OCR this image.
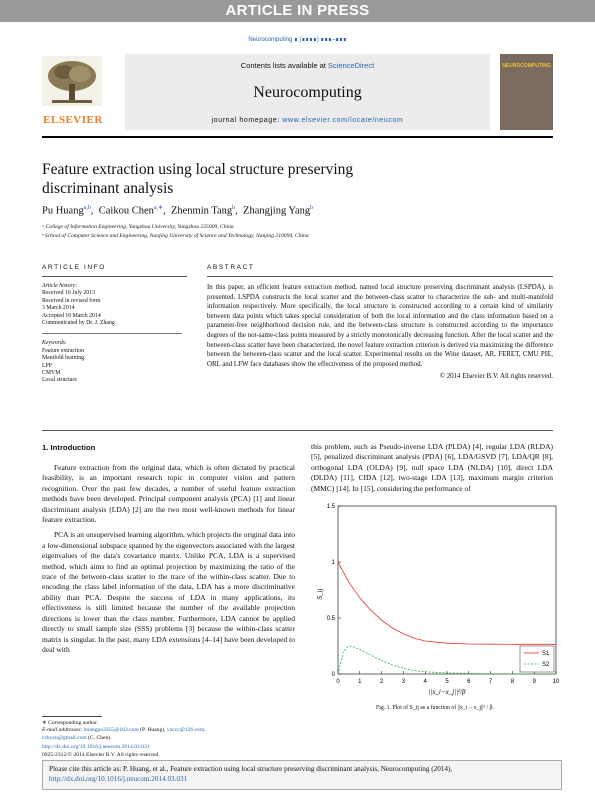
ARTICLE IN PRESS
Neurocomputing ∎ (∎∎∎∎) ∎∎∎–∎∎∎
Contents lists available at ScienceDirect
Neurocomputing
journal homepage: www.elsevier.com/locate/neucom
ELSEVIER
NEUROCOMPUTING
Feature extraction using local structure preserving
discriminant analysis
Pu Huang$^{a,b}$,  Caikou Chen$^{a,∗}$,  Zhenmin Tang$^b$,  Zhangjing Yang$^b$
ᵃ College of Information Engineering, Yangzhou University, Yangzhou 225009, China
ᵇ School of Computer Science and Engineering, Nanjing University of Science and Technology, Nanjing 210094, China
ARTICLE INFO	ABSTRACT
Article history:
Received 16 July 2013
Received in revised form
3 March 2014
Accepted 10 March 2014
Communicated by Dr. J. Zhang
Keywords:
Feature extraction
Manifold learning
LPP
CMVM
Local structure
In this paper, an efficient feature extraction method, named local structure preserving discriminant analysis (LSPDA), is presented. LSPDA constructs the local scatter and the between-class scatter to characterize the sub- and multi-manifold information respectively. More specifically, the local structure is constructed according to a certain kind of similarity between data points which takes special consideration of both the local information and the class information based on a parameter-free neighborhood decision rule, and the between-class structure is constructed according to the importance degrees of the not-same-class points measured by a strictly monotonically decreasing function. After the local scatter and the between-class scatter have been characterized, the novel feature extraction criterion is derived via maximizing the difference between the between-class scatter and the local scatter. Experimental results on the Wine dataset, AR, FERET, CMU PIE, ORL and LFW face databases show the effectiveness of the proposed method.
© 2014 Elsevier B.V. All rights reserved.
1. Introduction

Feature extraction from the original data, which is often dictated by practical feasibility, is an important research topic in computer vision and pattern recognition. Over the past few decades, a number of useful feature extraction methods have been developed. Principal component analysis (PCA) [1] and linear discriminant analysis (LDA) [2] are the two most well-known methods for linear feature extraction.

PCA is an unsupervised learning algorithm, which projects the original data into a low-dimensional subspace spanned by the eigenvectors associated with the largest eigenvalues of the data's covariance matrix. Unlike PCA, LDA is a supervised method, which aims to find an optimal projection by maximizing the ratio of the trace of the between-class scatter to the trace of the within-class scatter. Due to encoding the class label information of the data, LDA has a more discriminative ability than PCA. Despite the success of LDA in many applications, its effectiveness is still limited because the number of the available projection directions is lower than the class number. Furthermore, LDA cannot be applied directly to small sample size (SSS) problems [3] because the within-class scatter matrix is singular. In the past, many LDA extensions [4–14] have been developed to deal with

this problem, such as Pseudo-inverse LDA (PLDA) [4], regular LDA (RLDA) [5], penalized discriminant analysis (PDA) [6], LDA/GSVD [7], LDA/QR [8], orthogonal LDA (OLDA) [9], null space LDA (NLDA) [10], direct LDA (DLDA) [11], CIDA [12], two-stage LDA [13], maximum margin criterion (MMC) [14]. In [15], considering the performance of

0
0.5
1
1.5
0	1	2	3	4	5	6	7	8	9	10
S1
S2
S_ij
||x_i−x_j||²/β
Fig. 1. Plot of S_ij as a function of ||x_i − x_j||² / β.
∗ Corresponding author.
E-mail addresses: huangpu3355@163.com (P. Huang), yzccc@126.com,
cckyzu@gmail.com (C. Chen).
http://dx.doi.org/10.1016/j.neucom.2014.03.031
0925-2312/© 2014 Elsevier B.V. All rights reserved.
Please cite this article as: P. Huang, et al., Feature extraction using local structure preserving discriminant analysis, Neurocomputing (2014), http://dx.doi.org/10.1016/j.neucom.2014.03.031
